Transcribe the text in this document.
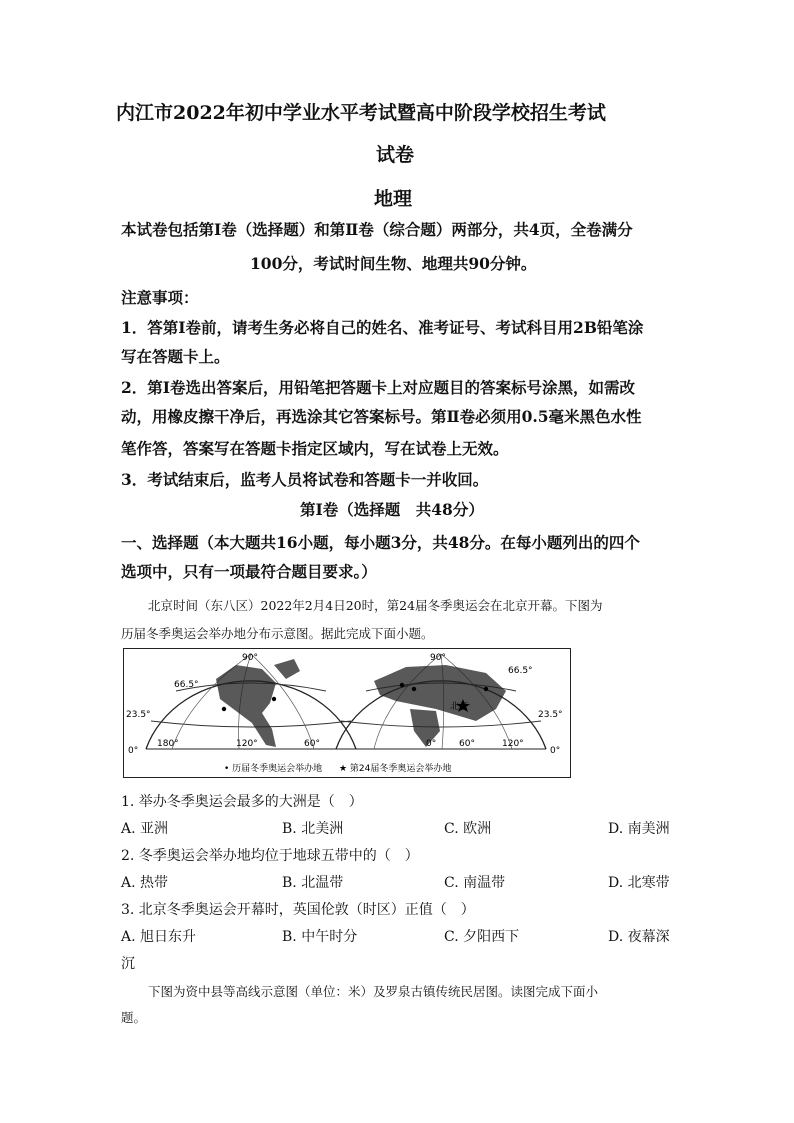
内江市2022年初中学业水平考试暨高中阶段学校招生考试
试卷
地理
本试卷包括第Ⅰ卷（选择题）和第Ⅱ卷（综合题）两部分，共4页，全卷满分
100分，考试时间生物、地理共90分钟。
注意事项：
1．答第Ⅰ卷前，请考生务必将自己的姓名、准考证号、考试科目用2B铅笔涂
写在答题卡上。
2．第Ⅰ卷选出答案后，用铅笔把答题卡上对应题目的答案标号涂黑，如需改
动，用橡皮擦干净后，再选涂其它答案标号。第Ⅱ卷必须用0.5毫米黑色水性
笔作答，答案写在答题卡指定区域内，写在试卷上无效。
3．考试结束后，监考人员将试卷和答题卡一并收回。
第Ⅰ卷（选择题　共48分）
一、选择题（本大题共16小题，每小题3分，共48分。在每小题列出的四个
选项中，只有一项最符合题目要求。）
北京时间（东八区）2022年2月4日20时，第24届冬季奥运会在北京开幕。下图为
历届冬季奥运会举办地分布示意图。据此完成下面小题。
90°
66.5°
23.5°
0°
180°	120°	60°
北京
0°	60°	120°
90°
66.5°
23.5°
0°
• 历届冬季奥运会举办地 ★ 第24届冬季奥运会举办地
1. 举办冬季奥运会最多的大洲是（　）
A. 亚洲	B. 北美洲	C. 欧洲	D. 南美洲
2. 冬季奥运会举办地均位于地球五带中的（　）
A. 热带	B. 北温带	C. 南温带	D. 北寒带
3. 北京冬季奥运会开幕时，英国伦敦（时区）正值（　）
A. 旭日东升	B. 中午时分	C. 夕阳西下	D. 夜幕深
沉
下图为资中县等高线示意图（单位：米）及罗泉古镇传统民居图。读图完成下面小
题。
